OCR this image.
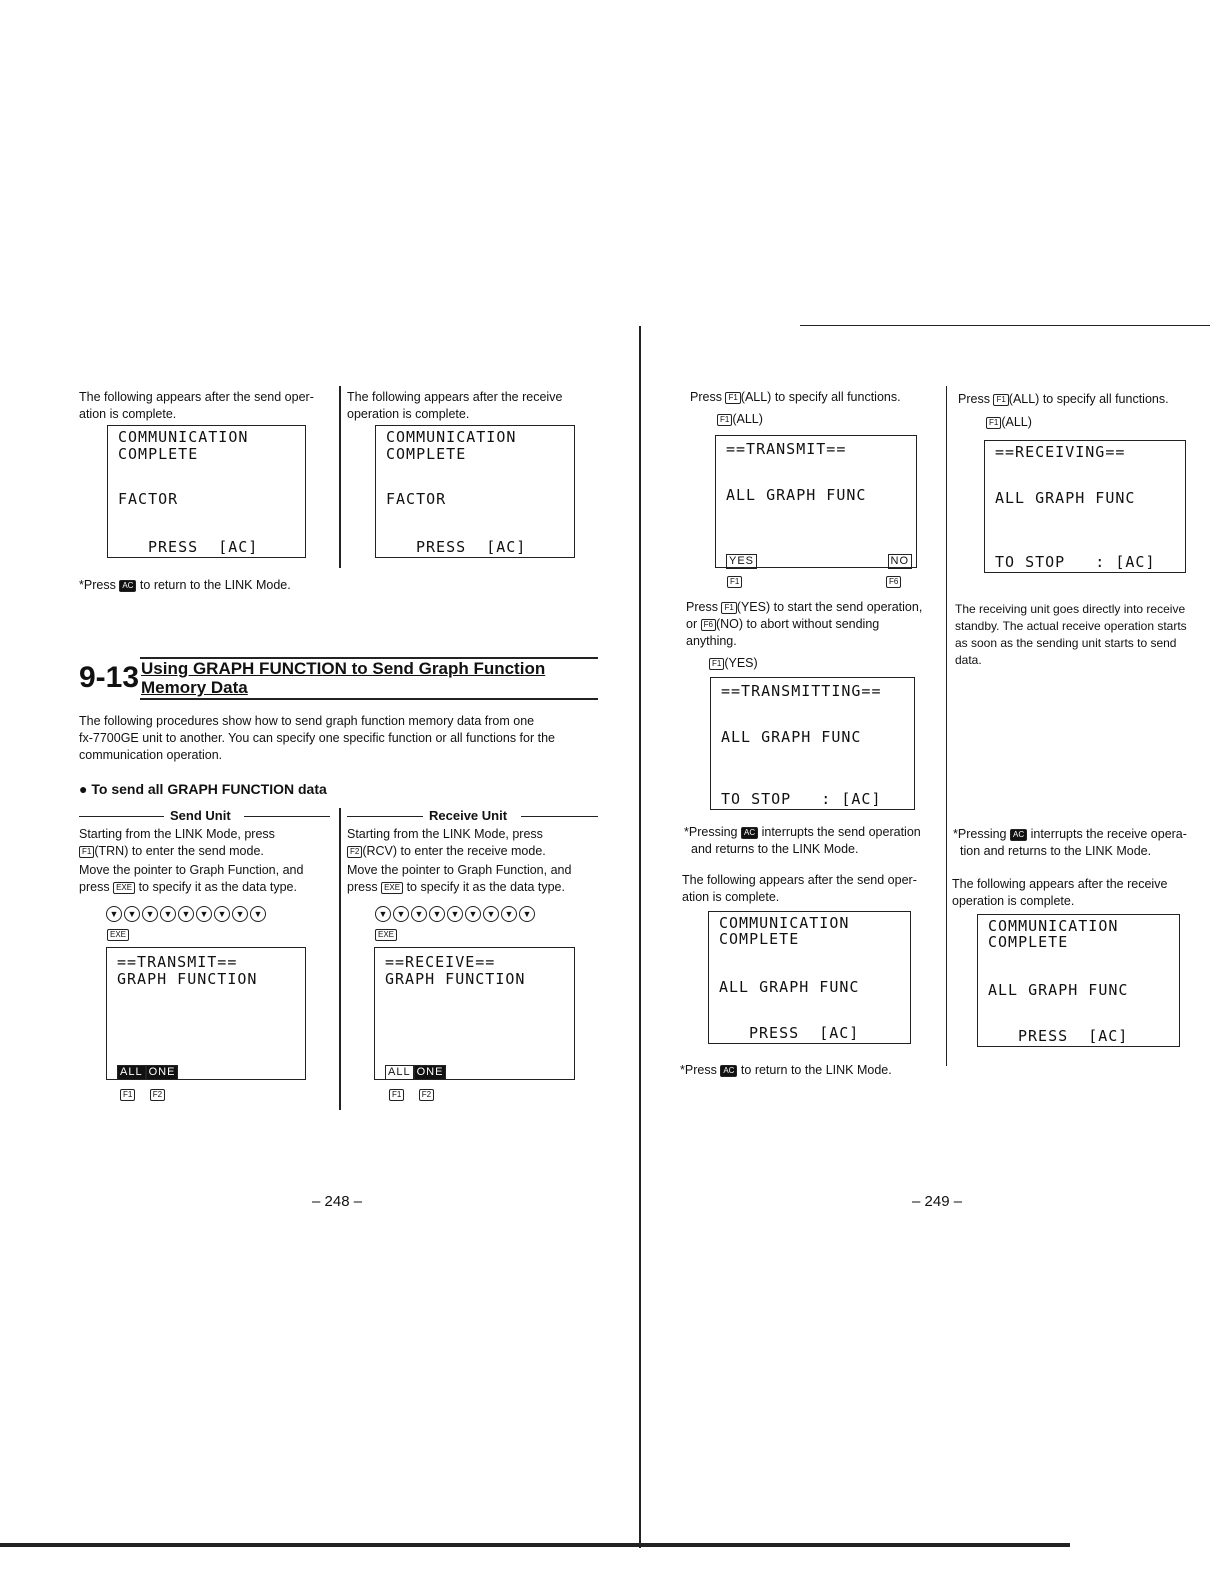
The following appears after the send oper-
ation is complete.
The following appears after the receive
operation is complete.
COMMUNICATION
COMPLETE
FACTOR
PRESS  [AC]
COMMUNICATION
COMPLETE
FACTOR
PRESS  [AC]
*Press AC to return to the LINK Mode.
9-13 Using GRAPH FUNCTION to Send Graph Function
Memory Data
The following procedures show how to send graph function memory data from one
fx-7700GE unit to another. You can specify one specific function or all functions for the
communication operation.
● To send all GRAPH FUNCTION data
Send Unit	Receive Unit
Starting from the LINK Mode, press
F1 (TRN) to enter the send mode.
Move the pointer to Graph Function, and
press EXE to specify it as the data type.
Starting from the LINK Mode, press
F2 (RCV) to enter the receive mode.
Move the pointer to Graph Function, and
press EXE to specify it as the data type.
▼ ▼ ▼ ▼ ▼ ▼ ▼ ▼ ▼
EXE
▼ ▼ ▼ ▼ ▼ ▼ ▼ ▼ ▼
EXE
==TRANSMIT==
GRAPH FUNCTION
ALL ONE
F1	F2
==RECEIVE==
GRAPH FUNCTION
ALL ONE
F1	F2
– 248 –
Press F1 (ALL) to specify all functions.
F1 (ALL)
==TRANSMIT==
ALL GRAPH FUNC
YES	NO
F1	F6
Press F1 (YES) to start the send operation,
or F6 (NO) to abort without sending
anything.
F1 (YES)
==TRANSMITTING==
ALL GRAPH FUNC
TO STOP   : [AC]
*Pressing AC interrupts the send operation
and returns to the LINK Mode.
The following appears after the send oper-
ation is complete.
COMMUNICATION
COMPLETE
ALL GRAPH FUNC
PRESS  [AC]
*Press AC to return to the LINK Mode.
Press F1 (ALL) to specify all functions.
F1 (ALL)
==RECEIVING==
ALL GRAPH FUNC
TO STOP   : [AC]
The receiving unit goes directly into receive
standby. The actual receive operation starts
as soon as the sending unit starts to send
data.
*Pressing AC interrupts the receive opera-
tion and returns to the LINK Mode.
The following appears after the receive
operation is complete.
COMMUNICATION
COMPLETE
ALL GRAPH FUNC
PRESS  [AC]
– 249 –
